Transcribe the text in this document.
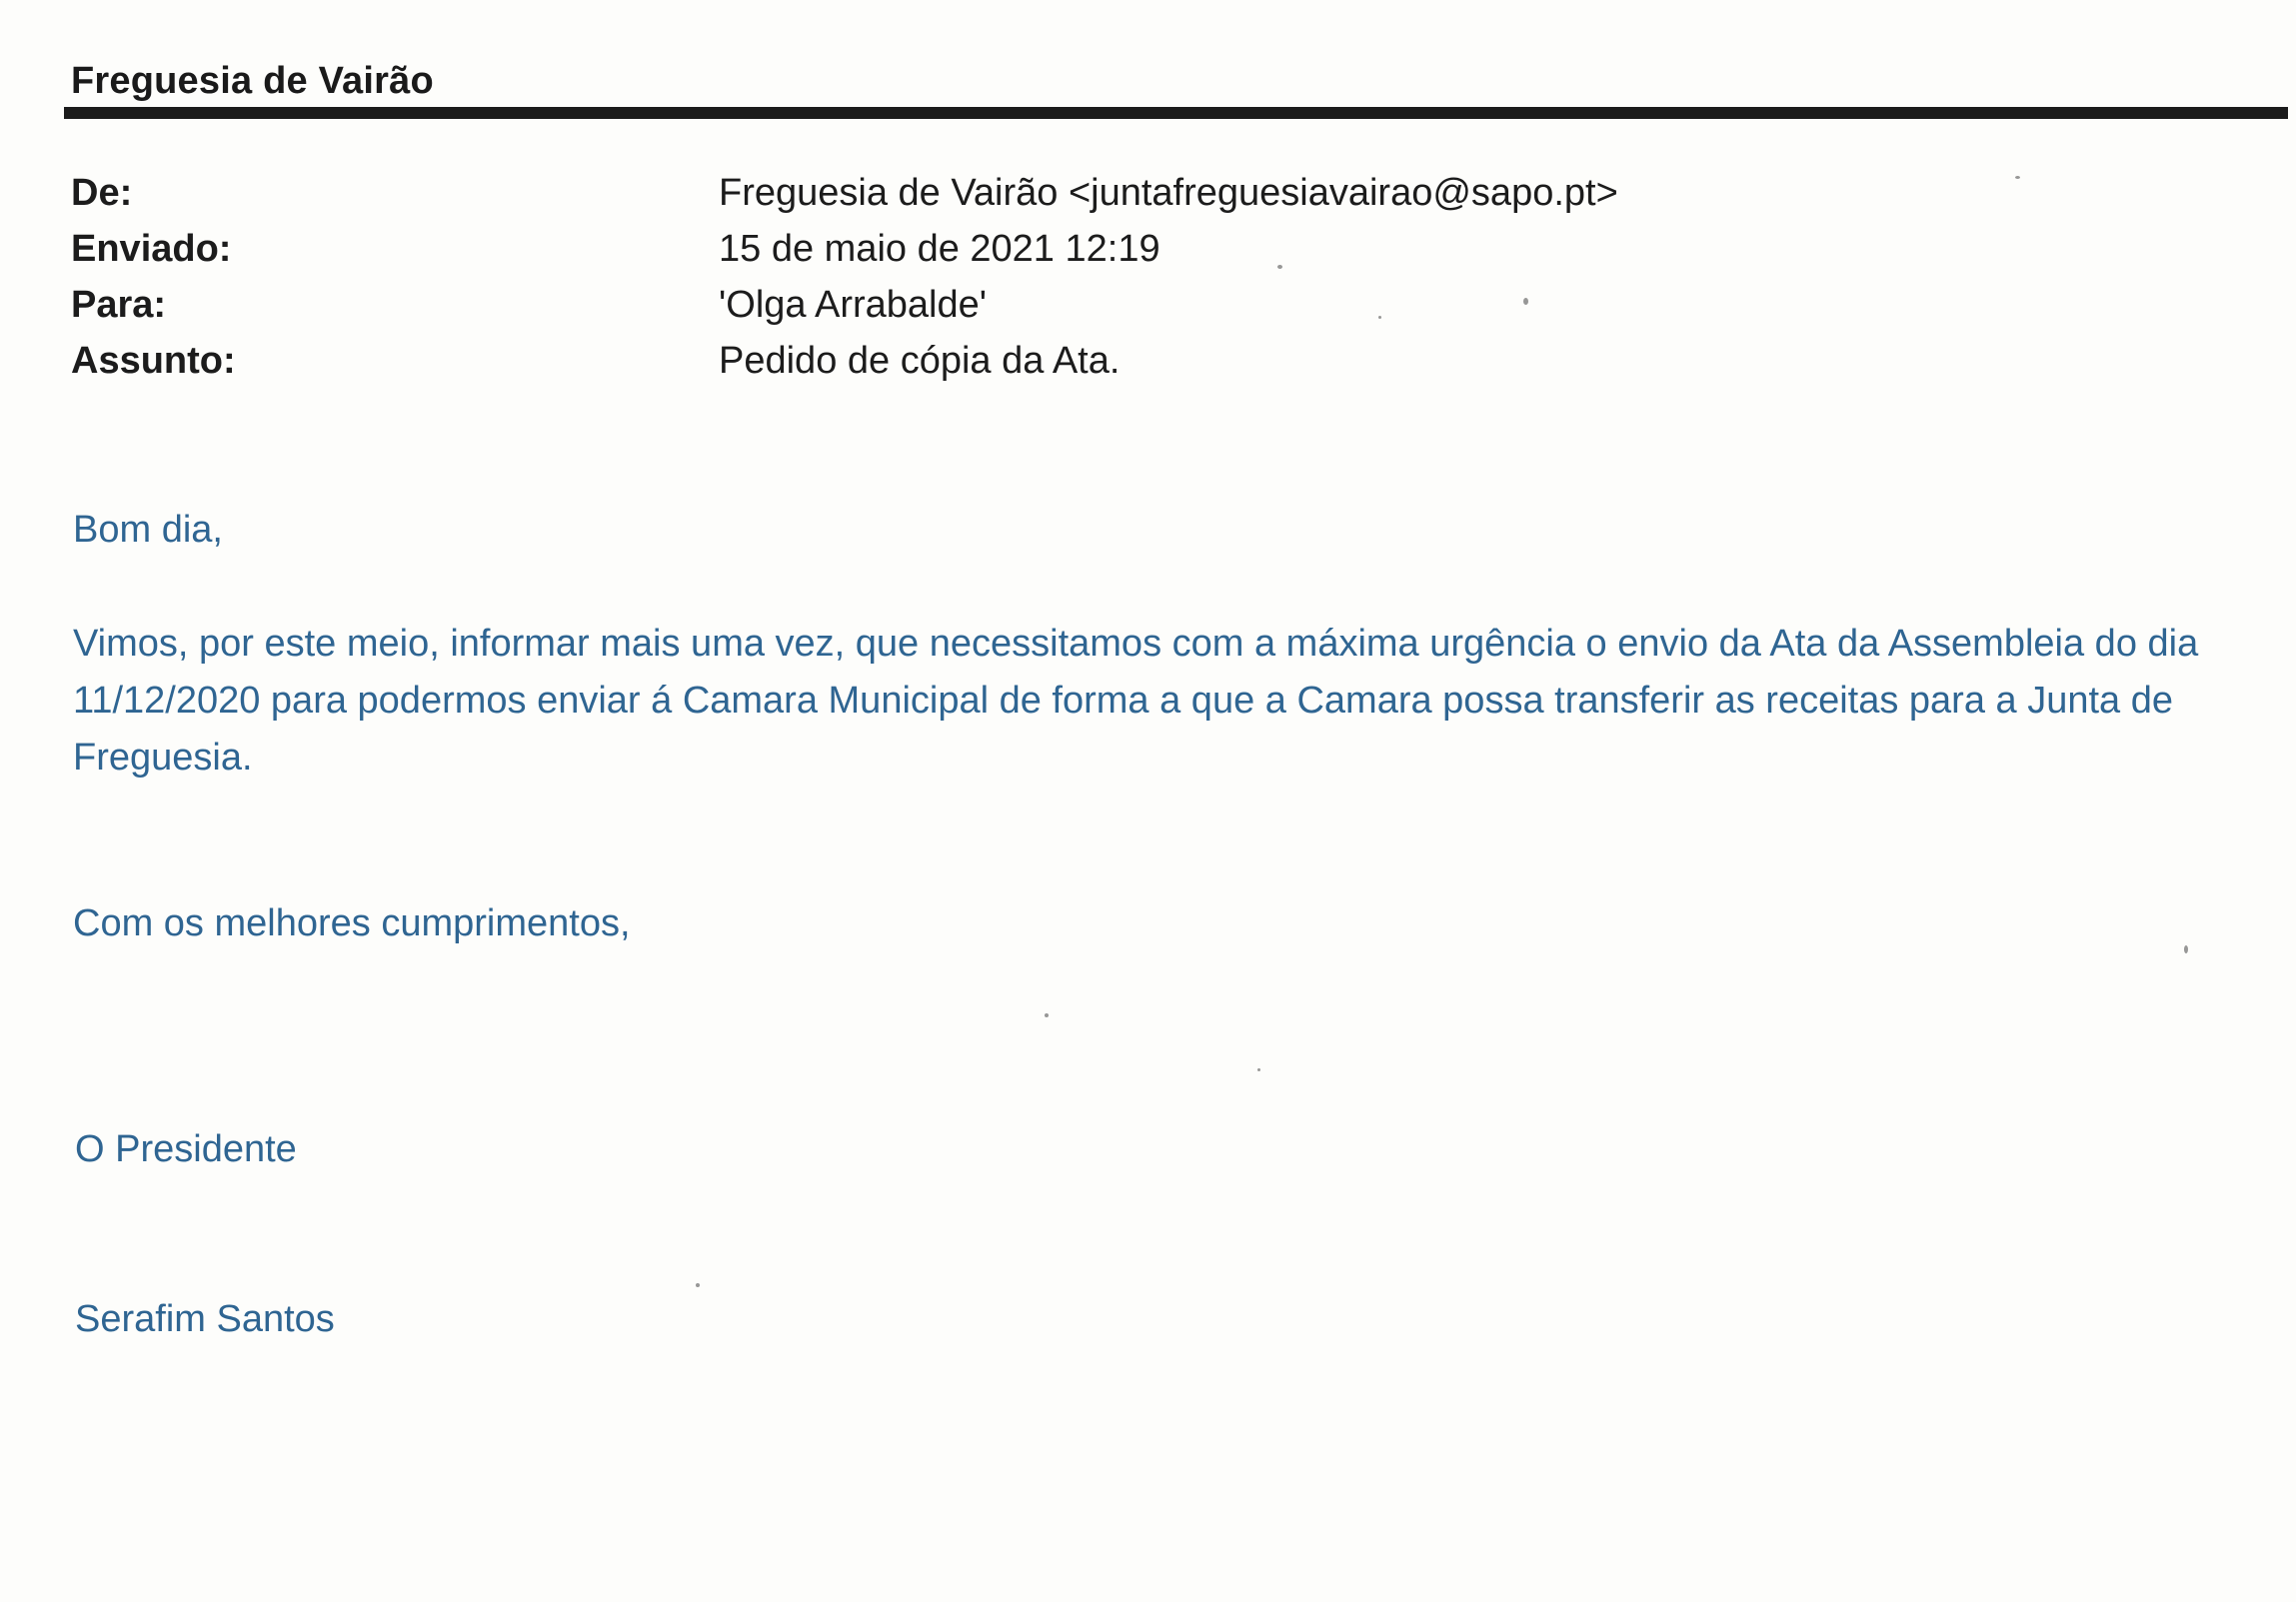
Freguesia de Vairão
De:	Freguesia de Vairão <juntafreguesiavairao@sapo.pt>
Enviado:	15 de maio de 2021 12:19
Para:	'Olga Arrabalde'
Assunto:	Pedido de cópia da Ata.

Bom dia,

Vimos, por este meio, informar mais uma vez, que necessitamos com a máxima urgência o envio da Ata da Assembleia do dia 11/12/2020 para podermos enviar á Camara Municipal de forma a que a Camara possa transferir as receitas para a Junta de Freguesia.

Com os melhores cumprimentos,

O Presidente

Serafim Santos
